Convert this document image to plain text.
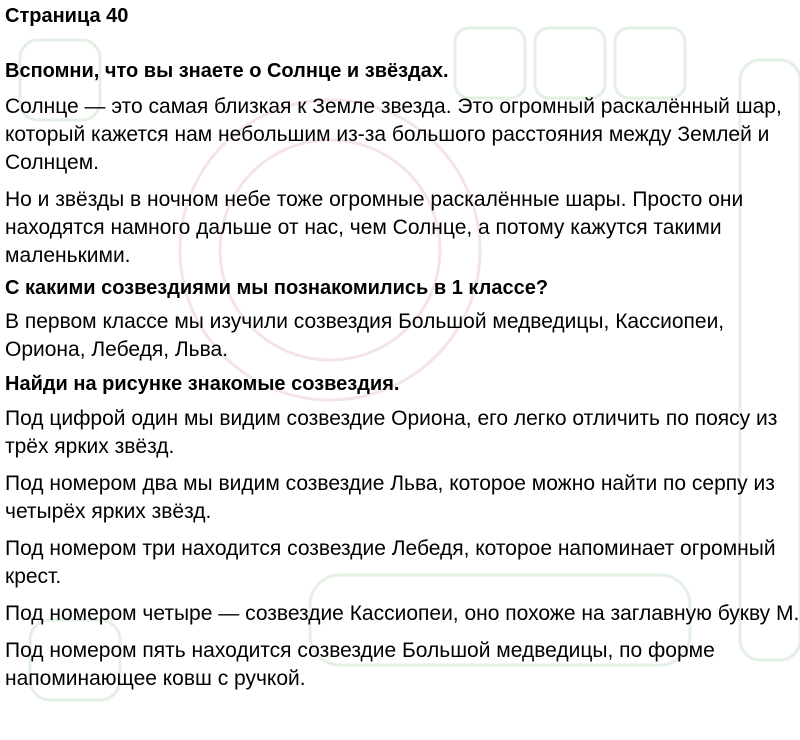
Страница 40
Вспомни, что вы знаете о Солнце и звёздах.
Солнце — это самая близкая к Земле звезда. Это огромный раскалённый шар, который кажется нам небольшим из-за большого расстояния между Землей и Солнцем.
Но и звёзды в ночном небе тоже огромные раскалённые шары. Просто они находятся намного дальше от нас, чем Солнце, а потому кажутся такими маленькими.
С какими созвездиями мы познакомились в 1 классе?
В первом классе мы изучили созвездия Большой медведицы, Кассиопеи, Ориона, Лебедя, Льва.
Найди на рисунке знакомые созвездия.
Под цифрой один мы видим созвездие Ориона, его легко отличить по поясу из трёх ярких звёзд.
Под номером два мы видим созвездие Льва, которое можно найти по серпу из четырёх ярких звёзд.
Под номером три находится созвездие Лебедя, которое напоминает огромный крест.
Под номером четыре — созвездие Кассиопеи, оно похоже на заглавную букву М.
Под номером пять находится созвездие Большой медведицы, по форме напоминающее ковш с ручкой.
